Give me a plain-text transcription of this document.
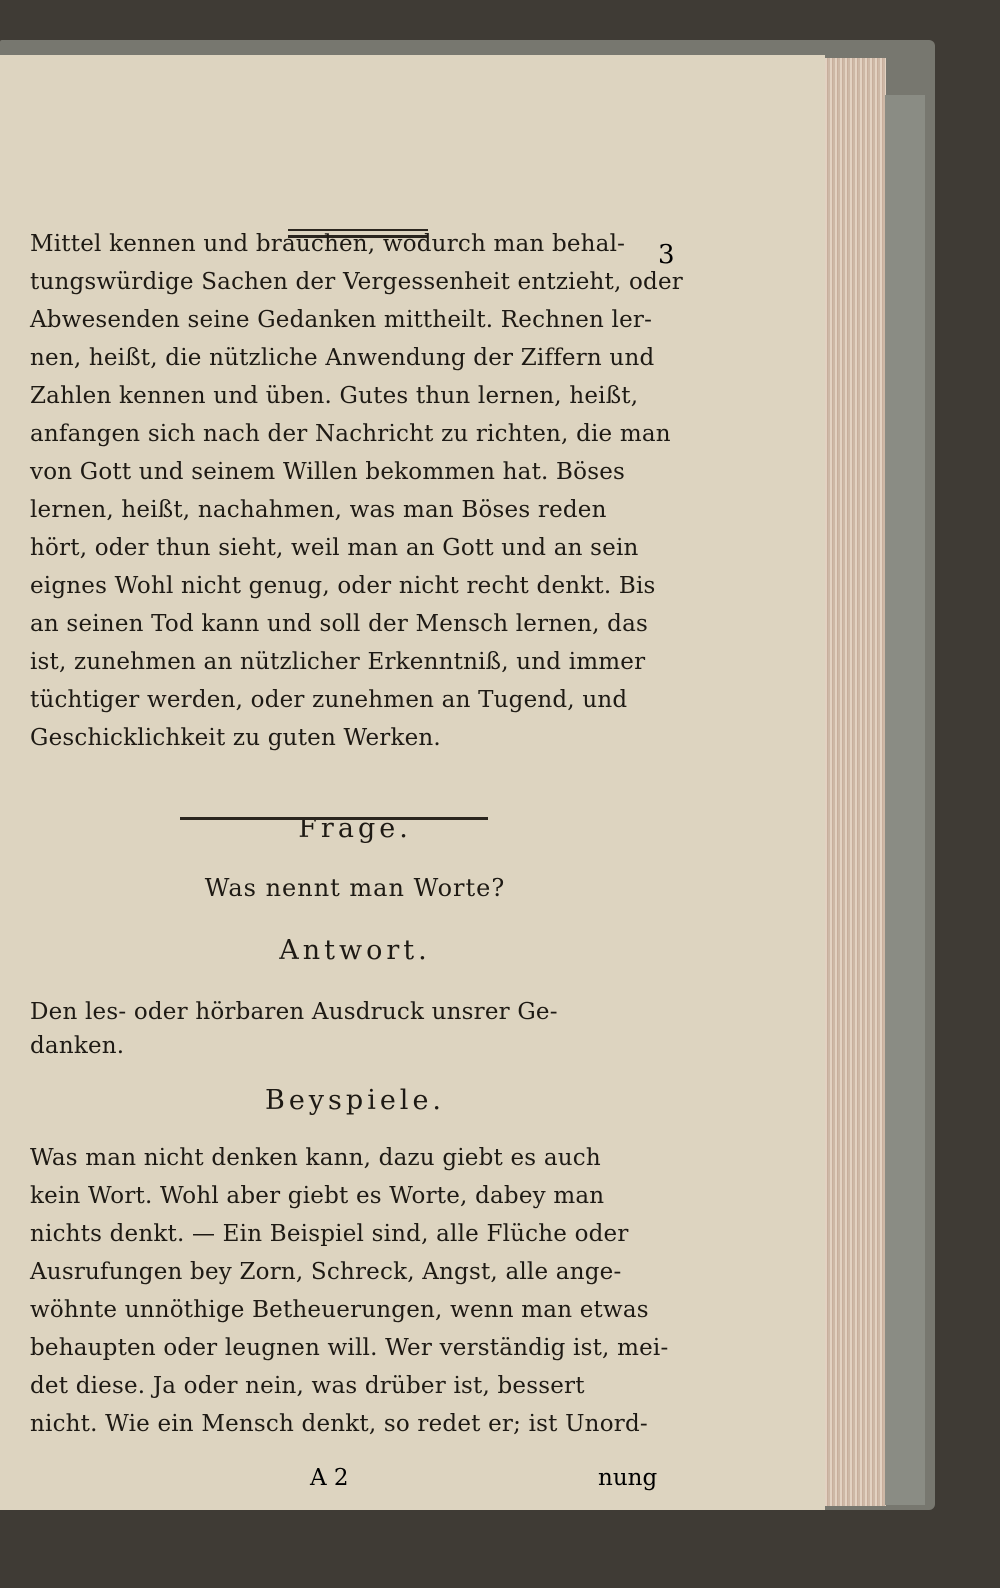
3
Mittel kennen und brauchen, wodurch man behal-
tungswürdige Sachen der Vergessenheit entzieht, oder
Abwesenden seine Gedanken mittheilt. Rechnen ler-
nen, heißt, die nützliche Anwendung der Ziffern und
Zahlen kennen und üben. Gutes thun lernen, heißt,
anfangen sich nach der Nachricht zu richten, die man
von Gott und seinem Willen bekommen hat. Böses
lernen, heißt, nachahmen, was man Böses reden
hört, oder thun sieht, weil man an Gott und an sein
eignes Wohl nicht genug, oder nicht recht denkt. Bis
an seinen Tod kann und soll der Mensch lernen, das
ist, zunehmen an nützlicher Erkenntniß, und immer
tüchtiger werden, oder zunehmen an Tugend, und
Geschicklichkeit zu guten Werken.
Frage.
Was nennt man Worte?
Antwort.
Den les- oder hörbaren Ausdruck unsrer Ge-
danken.
Beyspiele.
Was man nicht denken kann, dazu giebt es auch
kein Wort. Wohl aber giebt es Worte, dabey man
nichts denkt. — Ein Beispiel sind, alle Flüche oder
Ausrufungen bey Zorn, Schreck, Angst, alle ange-
wöhnte unnöthige Betheuerungen, wenn man etwas
behaupten oder leugnen will. Wer verständig ist, mei-
det diese. Ja oder nein, was drüber ist, bessert
nicht. Wie ein Mensch denkt, so redet er; ist Unord-
A 2	nung
